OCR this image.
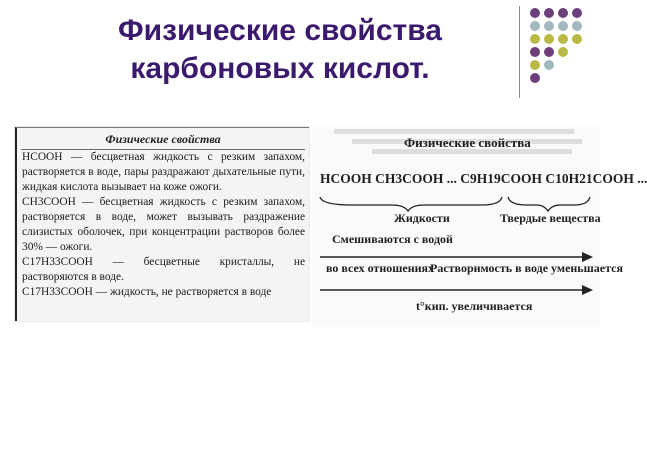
Физические свойства
карбоновых кислот.
Физические свойства
HCOOH — бесцветная жидкость с резким запахом, растворяется в воде, пары раздражают дыхательные пути, жидкая кислота вызывает на коже ожоги.
CH3COOH — бесцветная жидкость с резким запахом, растворяется в воде, может вызывать раздражение слизистых оболочек, при концентрации растворов более 30% — ожоги.
C17H33COOH — бесцветные кристаллы, не растворяются в воде.
C17H33COOH — жидкость, не растворяется в воде
Физические свойства
HCOOH CH3COOH ... C9H19COOH C10H21COOH ...
Жидкости	Твердые вещества
Смешиваются с водой
во всех отношениях
Растворимость в воде уменьшается
t°кип. увеличивается
